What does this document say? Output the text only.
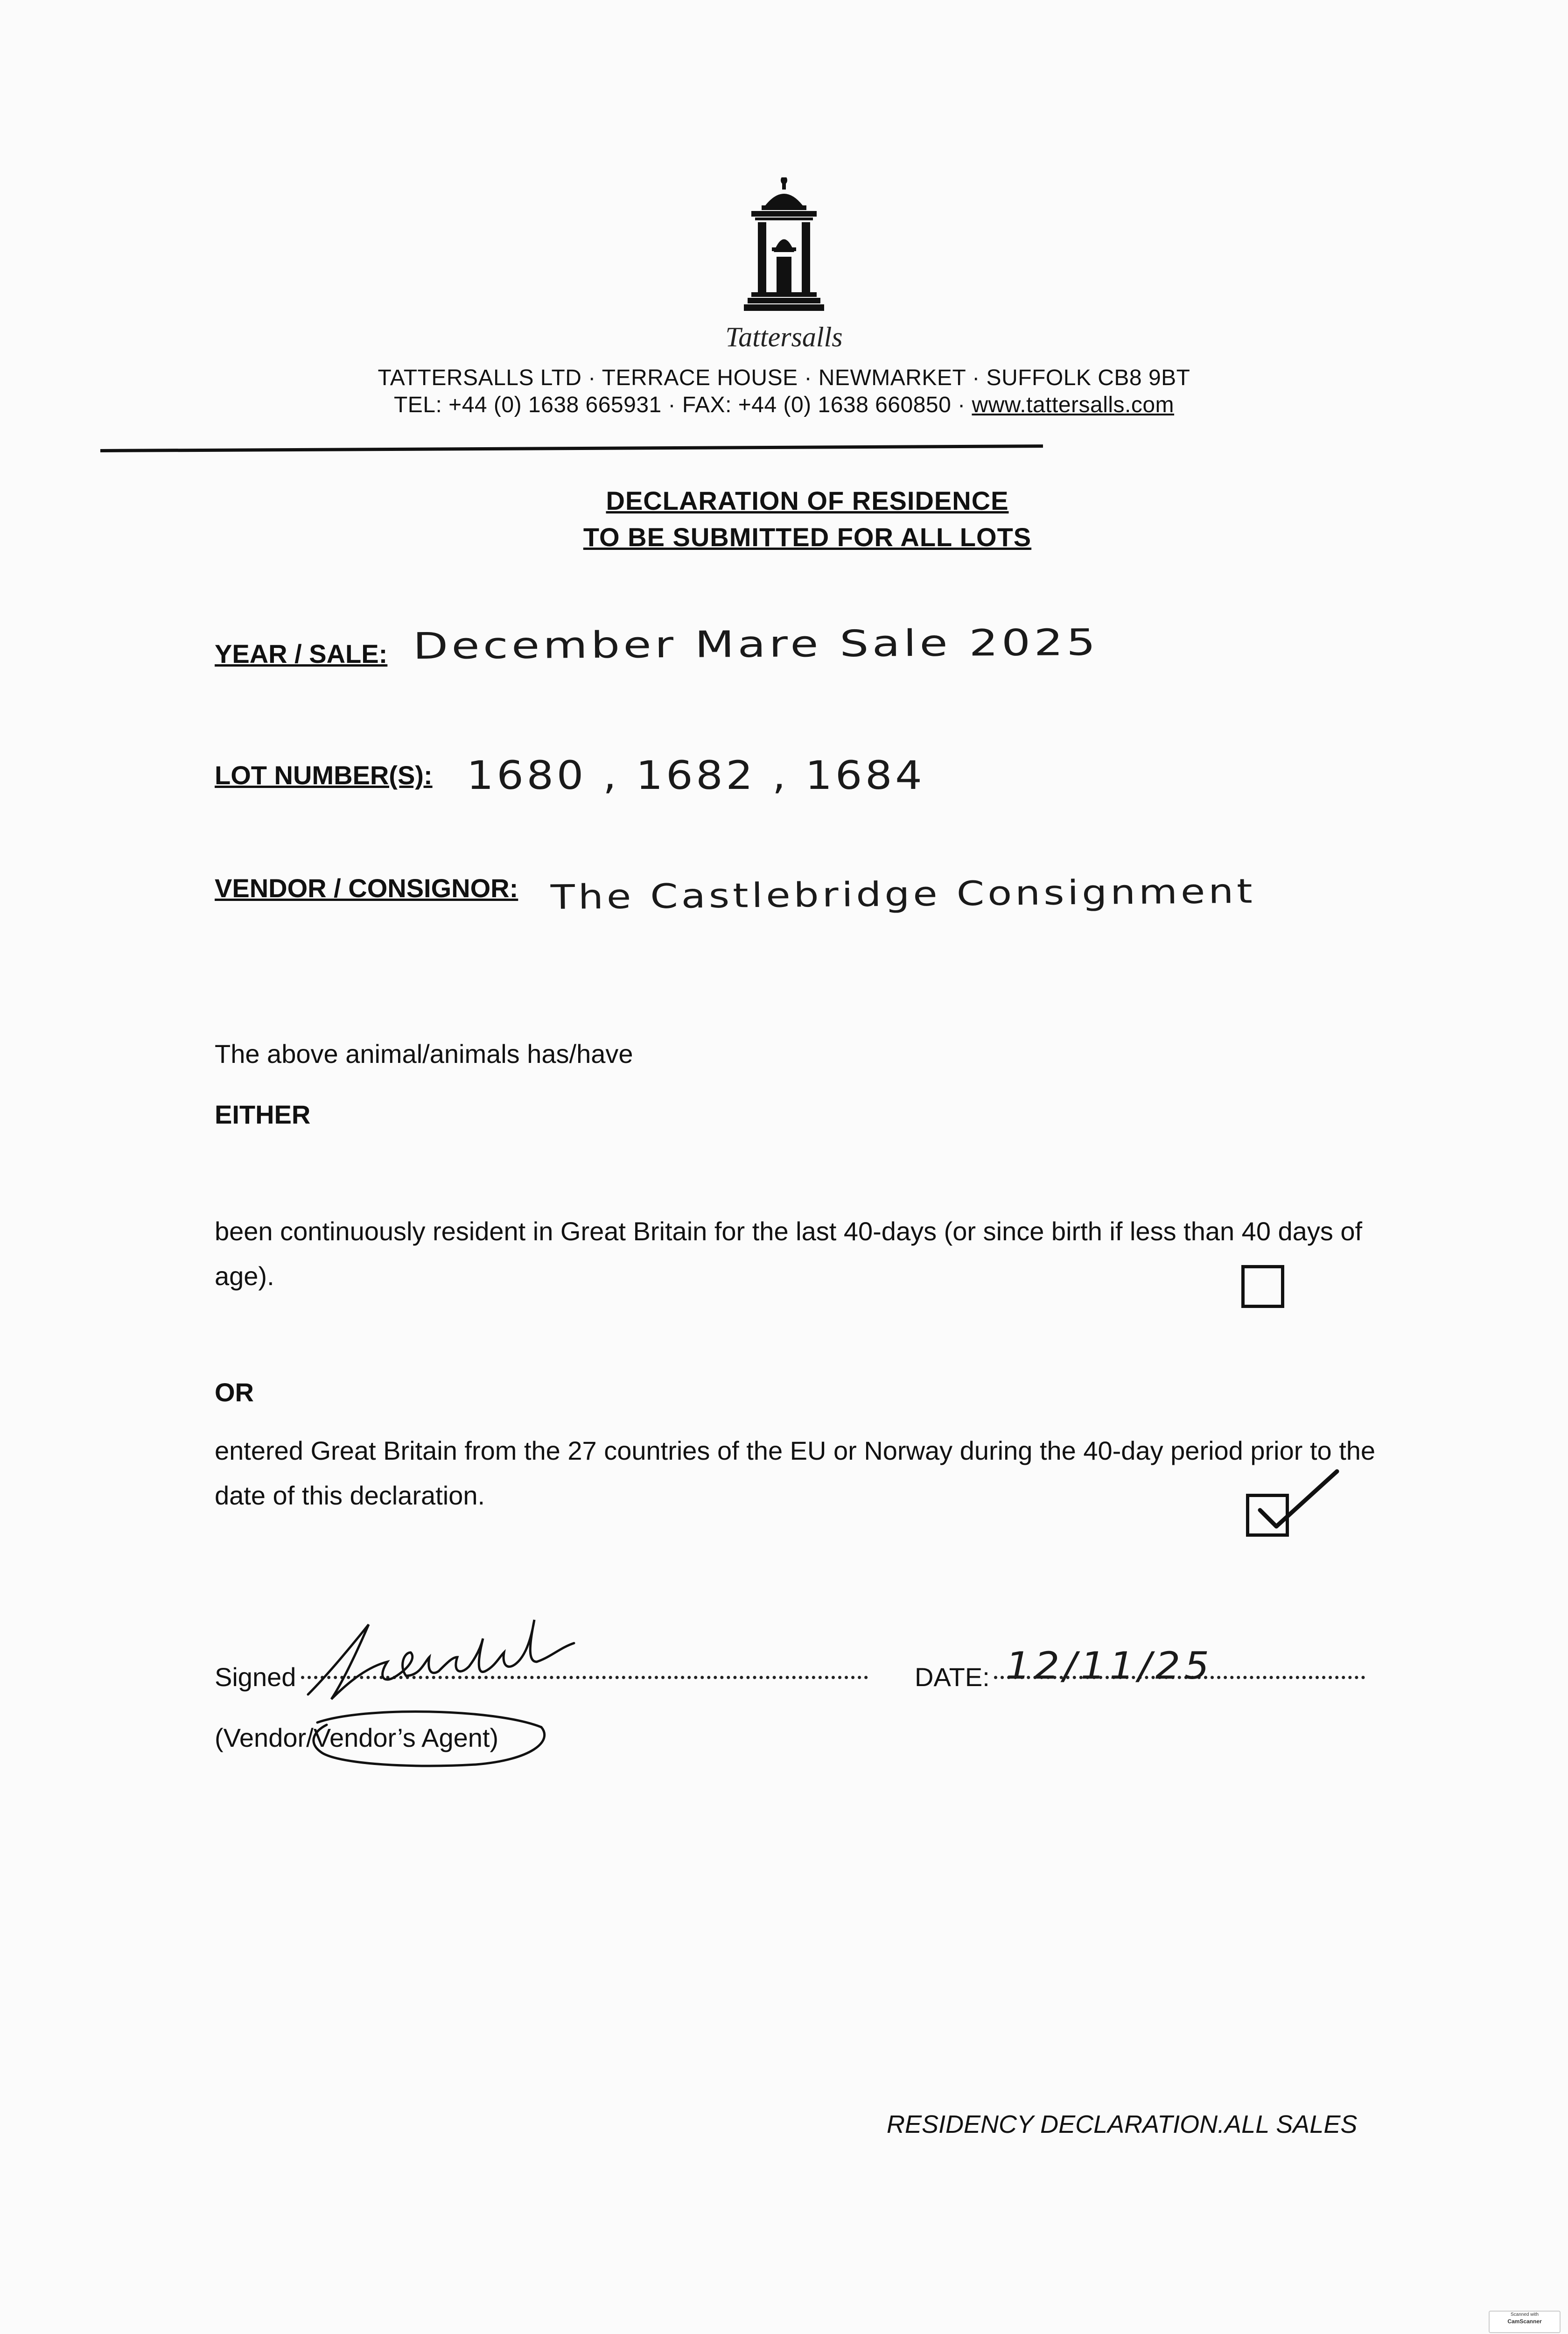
Tattersalls
TATTERSALLS LTD · TERRACE HOUSE · NEWMARKET · SUFFOLK CB8 9BT
TEL: +44 (0) 1638 665931 · FAX: +44 (0) 1638 660850 · www.tattersalls.com
DECLARATION OF RESIDENCE
TO BE SUBMITTED FOR ALL LOTS
YEAR / SALE: December Mare Sale 2025
LOT NUMBER(S): 1680 , 1682 , 1684
VENDOR / CONSIGNOR: The Castlebridge Consignment
The above animal/animals has/have
EITHER
been continuously resident in Great Britain for the last 40-days (or since birth if less than 40 days of age).
OR
entered Great Britain from the 27 countries of the EU or Norway during the 40-day period prior to the date of this declaration.
Signed	DATE: 12/11/25
(Vendor/Vendor’s Agent)
RESIDENCY DECLARATION.ALL SALES
Scanned with
CamScanner
